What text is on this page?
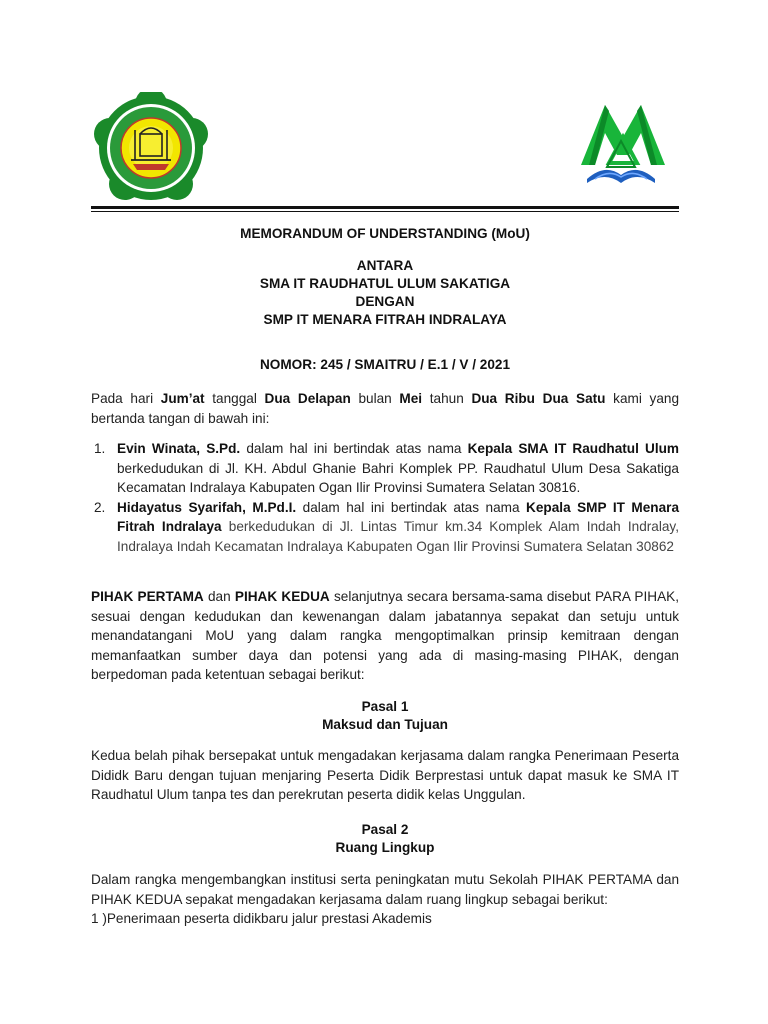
MEMORANDUM OF UNDERSTANDING (MoU)
ANTARA
SMA IT RAUDHATUL ULUM SAKATIGA
DENGAN
SMP IT MENARA FITRAH INDRALAYA
NOMOR: 245 / SMAITRU / E.1 / V / 2021
Pada hari Jum’at tanggal Dua Delapan bulan Mei tahun Dua Ribu Dua Satu kami yang bertanda tangan di bawah ini:
1. Evin Winata, S.Pd. dalam hal ini bertindak atas nama Kepala SMA IT Raudhatul Ulum berkedudukan di Jl. KH. Abdul Ghanie Bahri Komplek PP. Raudhatul Ulum Desa Sakatiga Kecamatan Indralaya Kabupaten Ogan Ilir Provinsi Sumatera Selatan 30816.
2. Hidayatus Syarifah, M.Pd.I. dalam hal ini bertindak atas nama Kepala SMP IT Menara Fitrah Indralaya berkedudukan di Jl. Lintas Timur km.34 Komplek Alam Indah Indralay, Indralaya Indah Kecamatan Indralaya Kabupaten Ogan Ilir Provinsi Sumatera Selatan 30862
PIHAK PERTAMA dan PIHAK KEDUA selanjutnya secara bersama-sama disebut PARA PIHAK, sesuai dengan kedudukan dan kewenangan dalam jabatannya sepakat dan setuju untuk menandatangani MoU yang dalam rangka mengoptimalkan prinsip kemitraan dengan memanfaatkan sumber daya dan potensi yang ada di masing-masing PIHAK, dengan berpedoman pada ketentuan sebagai berikut:
Pasal 1
Maksud dan Tujuan
Kedua belah pihak bersepakat untuk mengadakan kerjasama dalam rangka Penerimaan Peserta Dididk Baru dengan tujuan menjaring Peserta Didik Berprestasi untuk dapat masuk ke SMA IT Raudhatul Ulum tanpa tes dan perekrutan peserta didik kelas Unggulan.
Pasal 2
Ruang Lingkup
Dalam rangka mengembangkan institusi serta peningkatan mutu Sekolah PIHAK PERTAMA dan PIHAK KEDUA sepakat mengadakan kerjasama dalam ruang lingkup sebagai berikut:
1 )Penerimaan peserta didikbaru jalur prestasi Akademis
